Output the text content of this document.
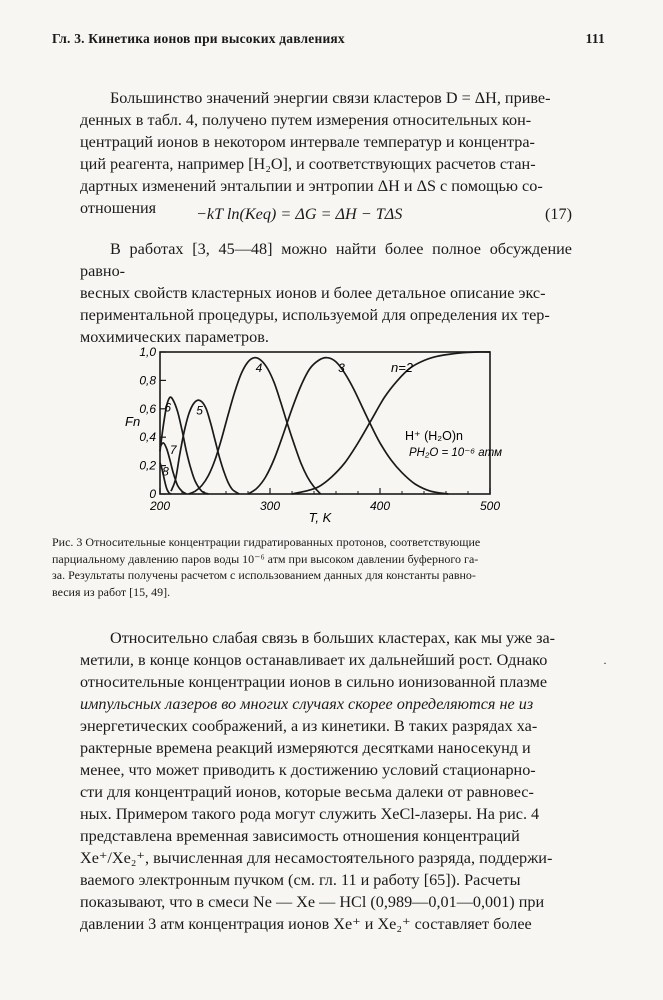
Гл. 3. Кинетика ионов при высоких давлениях	111

Большинство значений энергии связи кластеров D = ΔH, приве-
денных в табл. 4, получено путем измерения относительных кон-
центраций ионов в некотором интервале температур и концентра-
ций реагента, например [H₂O], и соответствующих расчетов стан-
дартных изменений энтальпии и энтропии ΔH и ΔS с помощью со-
отношения	−kT ln(Keq) = ΔG = ΔH − TΔS	(17)

В работах [3, 45—48] можно найти более полное обсуждение равно-
весных свойств кластерных ионов и более детальное описание экс-
периментальной процедуры, используемой для определения их тер-
мохимических параметров.

8
7
6 5
4	3	n=2
0
0,2
0,4
0,6
0,8
1,0
200	300	400	500
Fn
T, K
H⁺ (H₂O)n
PH₂O = 10⁻⁶ атм

Рис. 3 Относительные концентрации гидратированных протонов, соответствующие
парциальному давлению паров воды 10⁻⁶ атм при высоком давлении буферного га-
за. Результаты получены расчетом с использованием данных для константы равно-
весия из работ [15, 49].

Относительно слабая связь в больших кластерах, как мы уже за-
метили, в конце концов останавливает их дальнейший рост. Однако
относительные концентрации ионов в сильно ионизованной плазме
импульсных лазеров во многих случаях скорее определяются не из
энергетических соображений, а из кинетики. В таких разрядах ха-
рактерные времена реакций измеряются десятками наносекунд и
менее, что может приводить к достижению условий стационарно-
сти для концентраций ионов, которые весьма далеки от равновес-
ных. Примером такого рода могут служить XeCl-лазеры. На рис. 4
представлена временная зависимость отношения концентраций
Xe⁺/Xe₂⁺, вычисленная для несамостоятельного разряда, поддержи-
ваемого электронным пучком (см. гл. 11 и работу [65]). Расчеты
показывают, что в смеси Ne — Xe — HCl (0,989—0,01—0,001) при
давлении 3 атм концентрация ионов Xe⁺ и Xe₂⁺ составляет более

·
